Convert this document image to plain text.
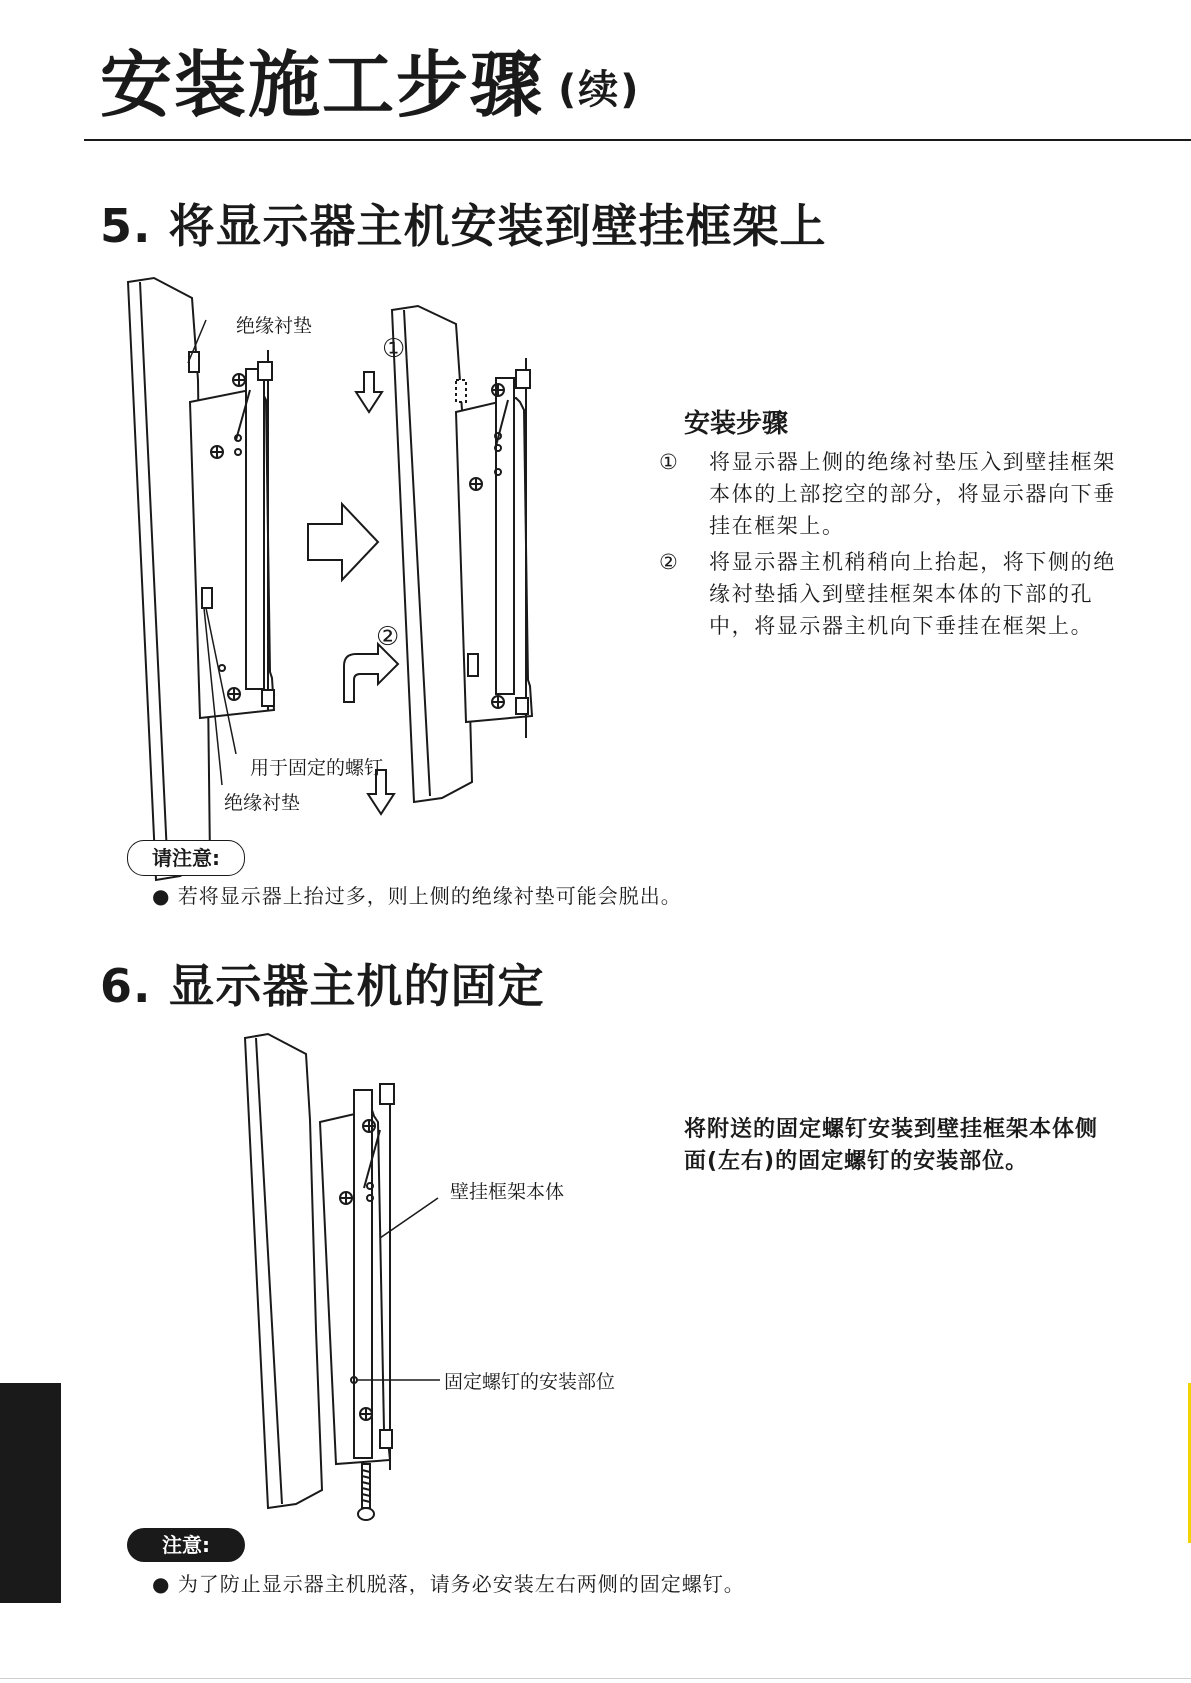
安装施工步骤 (续)
5. 将显示器主机安装到壁挂框架上
绝缘衬垫
①
②
用于固定的螺钉
绝缘衬垫
安装步骤
① 将显示器上侧的绝缘衬垫压入到壁挂框架本体的上部挖空的部分，将显示器向下垂挂在框架上。
② 将显示器主机稍稍向上抬起，将下侧的绝缘衬垫插入到壁挂框架本体的下部的孔中，将显示器主机向下垂挂在框架上。
请注意:
● 若将显示器上抬过多，则上侧的绝缘衬垫可能会脱出。
6. 显示器主机的固定
壁挂框架本体
固定螺钉的安装部位
将附送的固定螺钉安装到壁挂框架本体侧面(左右)的固定螺钉的安装部位。
注意:
● 为了防止显示器主机脱落，请务必安装左右两侧的固定螺钉。
